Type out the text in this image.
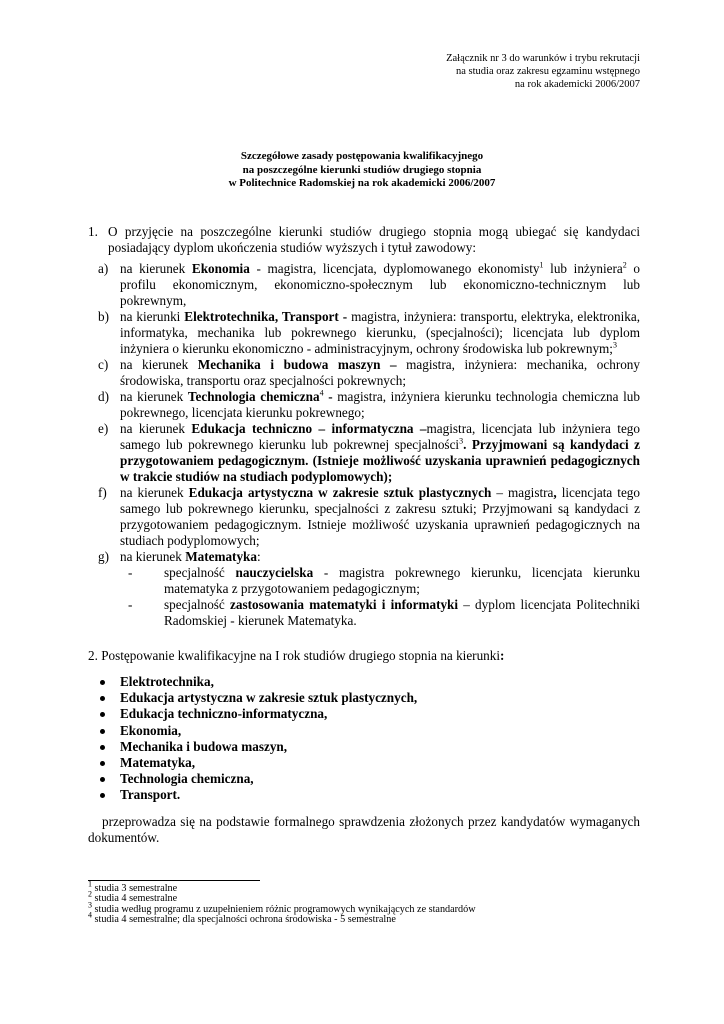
Załącznik nr 3 do warunków i trybu rekrutacji
na studia oraz zakresu egzaminu wstępnego
na rok akademicki 2006/2007
Szczegółowe zasady postępowania kwalifikacyjnego
na poszczególne kierunki studiów drugiego stopnia
w Politechnice Radomskiej na rok akademicki 2006/2007
1. O przyjęcie na poszczególne kierunki studiów drugiego stopnia mogą ubiegać się kandydaci posiadający dyplom ukończenia studiów wyższych i tytuł zawodowy:
a) na kierunek Ekonomia - magistra, licencjata, dyplomowanego ekonomisty$^1$ lub inżyniera$^2$ o profilu ekonomicznym, ekonomiczno-społecznym lub ekonomiczno-technicznym lub pokrewnym,
b) na kierunki Elektrotechnika, Transport - magistra, inżyniera: transportu, elektryka, elektronika, informatyka, mechanika lub pokrewnego kierunku, (specjalności); licencjata lub dyplom inżyniera o kierunku ekonomiczno - administracyjnym, ochrony środowiska lub pokrewnym;$^3$
c) na kierunek Mechanika i budowa maszyn – magistra, inżyniera: mechanika, ochrony środowiska, transportu oraz specjalności pokrewnych;
d) na kierunek Technologia chemiczna$^4$ - magistra, inżyniera kierunku technologia chemiczna lub pokrewnego, licencjata kierunku pokrewnego;
e) na kierunek Edukacja techniczno – informatyczna –magistra, licencjata lub inżyniera tego samego lub pokrewnego kierunku lub pokrewnej specjalności$^3$. Przyjmowani są kandydaci z przygotowaniem pedagogicznym. (Istnieje możliwość uzyskania uprawnień pedagogicznych w trakcie studiów na studiach podyplomowych);
f) na kierunek Edukacja artystyczna w zakresie sztuk plastycznych – magistra, licencjata tego samego lub pokrewnego kierunku, specjalności z zakresu sztuki; Przyjmowani są kandydaci z przygotowaniem pedagogicznym. Istnieje możliwość uzyskania uprawnień pedagogicznych na studiach podyplomowych;
g) na kierunek Matematyka:
- specjalność nauczycielska - magistra pokrewnego kierunku, licencjata kierunku matematyka z przygotowaniem pedagogicznym;
- specjalność zastosowania matematyki i informatyki – dyplom licencjata Politechniki Radomskiej - kierunek Matematyka.
2. Postępowanie kwalifikacyjne na I rok studiów drugiego stopnia na kierunki:
Elektrotechnika,
Edukacja artystyczna w zakresie sztuk plastycznych,
Edukacja techniczno-informatyczna,
Ekonomia,
Mechanika i budowa maszyn,
Matematyka,
Technologia chemiczna,
Transport.
przeprowadza się na podstawie formalnego sprawdzenia złożonych przez kandydatów wymaganych dokumentów.
$^1$ studia 3 semestralne
$^2$ studia 4 semestralne
$^3$ studia według programu z uzupełnieniem różnic programowych wynikających ze standardów
$^4$ studia 4 semestralne; dla specjalności ochrona środowiska - 5 semestralne
